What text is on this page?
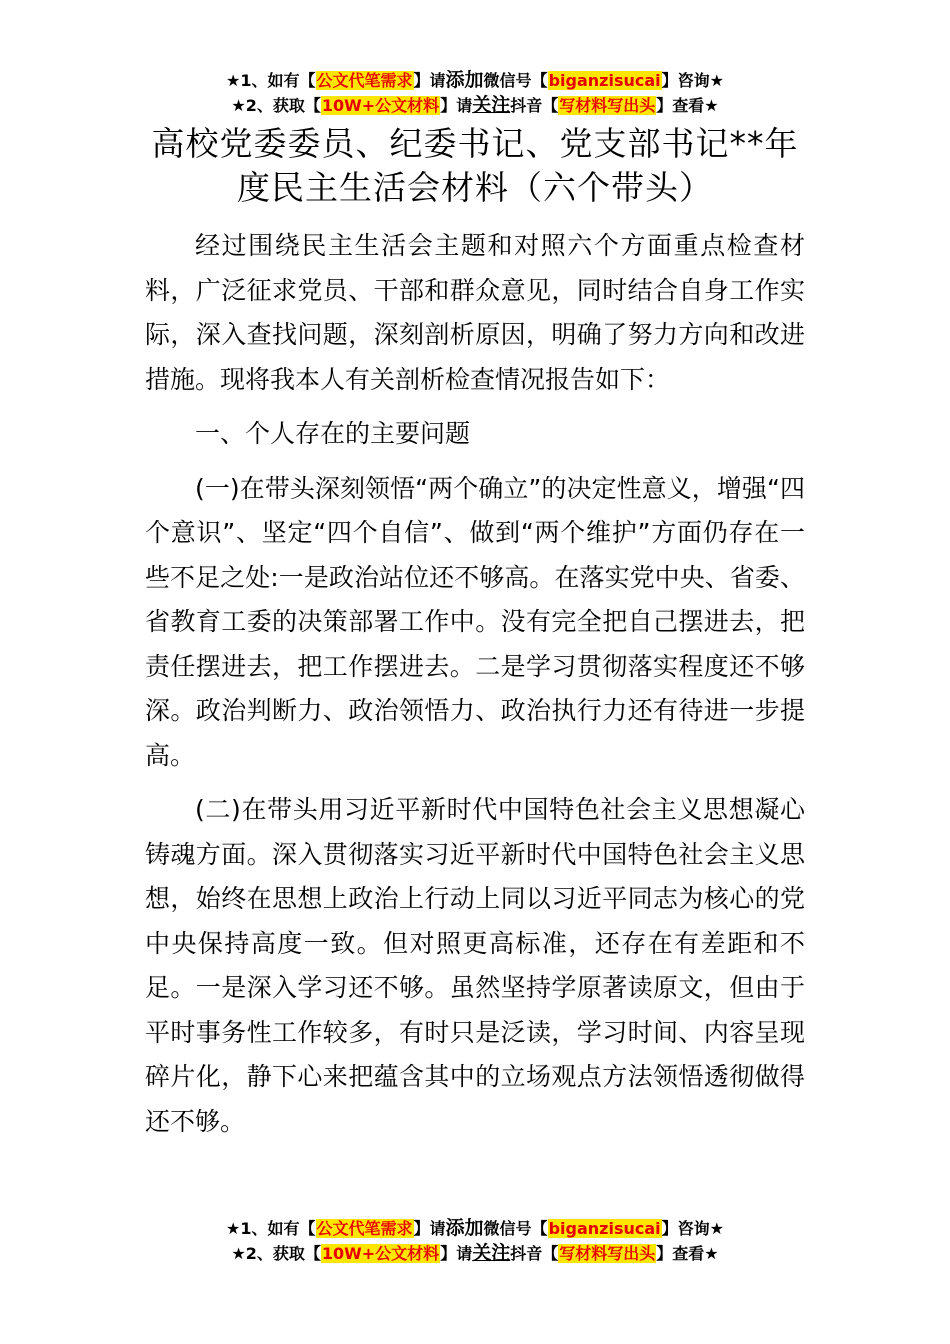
★1、如有【公文代笔需求】请添加微信号【biganzisucai】咨询★
★2、获取【10W+公文材料】请关注抖音【写材料写出头】查看★
高校党委委员、纪委书记、党支部书记**年度民主生活会材料（六个带头）

经过围绕民主生活会主题和对照六个方面重点检查材料，广泛征求党员、干部和群众意见，同时结合自身工作实际，深入查找问题，深刻剖析原因，明确了努力方向和改进措施。现将我本人有关剖析检查情况报告如下：

一、个人存在的主要问题

(一)在带头深刻领悟“两个确立”的决定性意义，增强“四个意识”、坚定“四个自信”、做到“两个维护”方面仍存在一些不足之处:一是政治站位还不够高。在落实党中央、省委、省教育工委的决策部署工作中。没有完全把自己摆进去，把责任摆进去，把工作摆进去。二是学习贯彻落实程度还不够深。政治判断力、政治领悟力、政治执行力还有待进一步提高。

(二)在带头用习近平新时代中国特色社会主义思想凝心铸魂方面。深入贯彻落实习近平新时代中国特色社会主义思想，始终在思想上政治上行动上同以习近平同志为核心的党中央保持高度一致。但对照更高标准，还存在有差距和不足。一是深入学习还不够。虽然坚持学原著读原文，但由于平时事务性工作较多，有时只是泛读，学习时间、内容呈现碎片化，静下心来把蕴含其中的立场观点方法领悟透彻做得还不够。

★1、如有【公文代笔需求】请添加微信号【biganzisucai】咨询★
★2、获取【10W+公文材料】请关注抖音【写材料写出头】查看★
